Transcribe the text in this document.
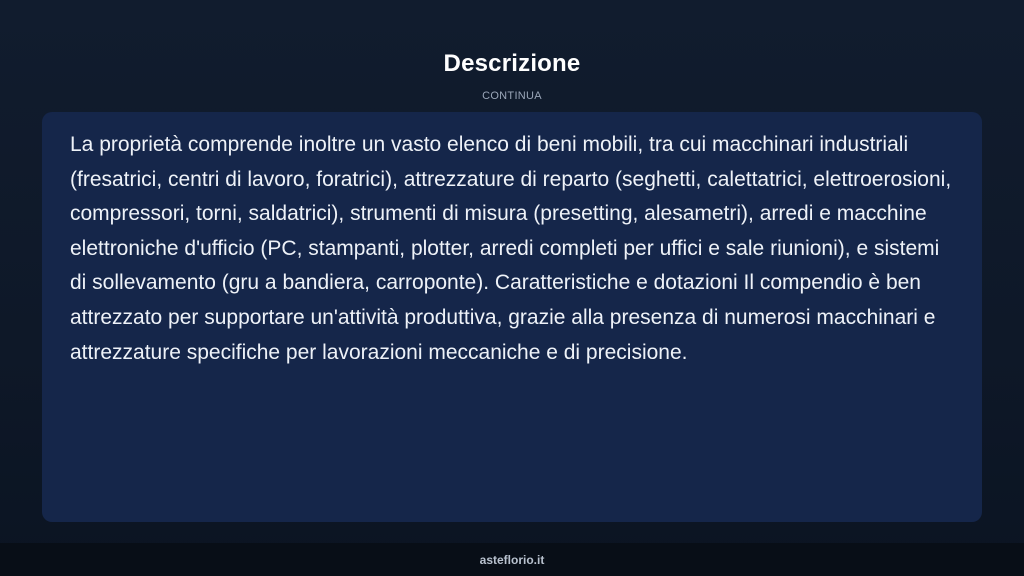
Descrizione
CONTINUA

La proprietà comprende inoltre un vasto elenco di beni mobili, tra cui macchinari industriali (fresatrici, centri di lavoro, foratrici), attrezzature di reparto (seghetti, calettatrici, elettroerosioni, compressori, torni, saldatrici), strumenti di misura (presetting, alesametri), arredi e macchine elettroniche d'ufficio (PC, stampanti, plotter, arredi completi per uffici e sale riunioni), e sistemi di sollevamento (gru a bandiera, carroponte). Caratteristiche e dotazioni Il compendio è ben attrezzato per supportare un'attività produttiva, grazie alla presenza di numerosi macchinari e attrezzature specifiche per lavorazioni meccaniche e di precisione.

asteflorio.it
